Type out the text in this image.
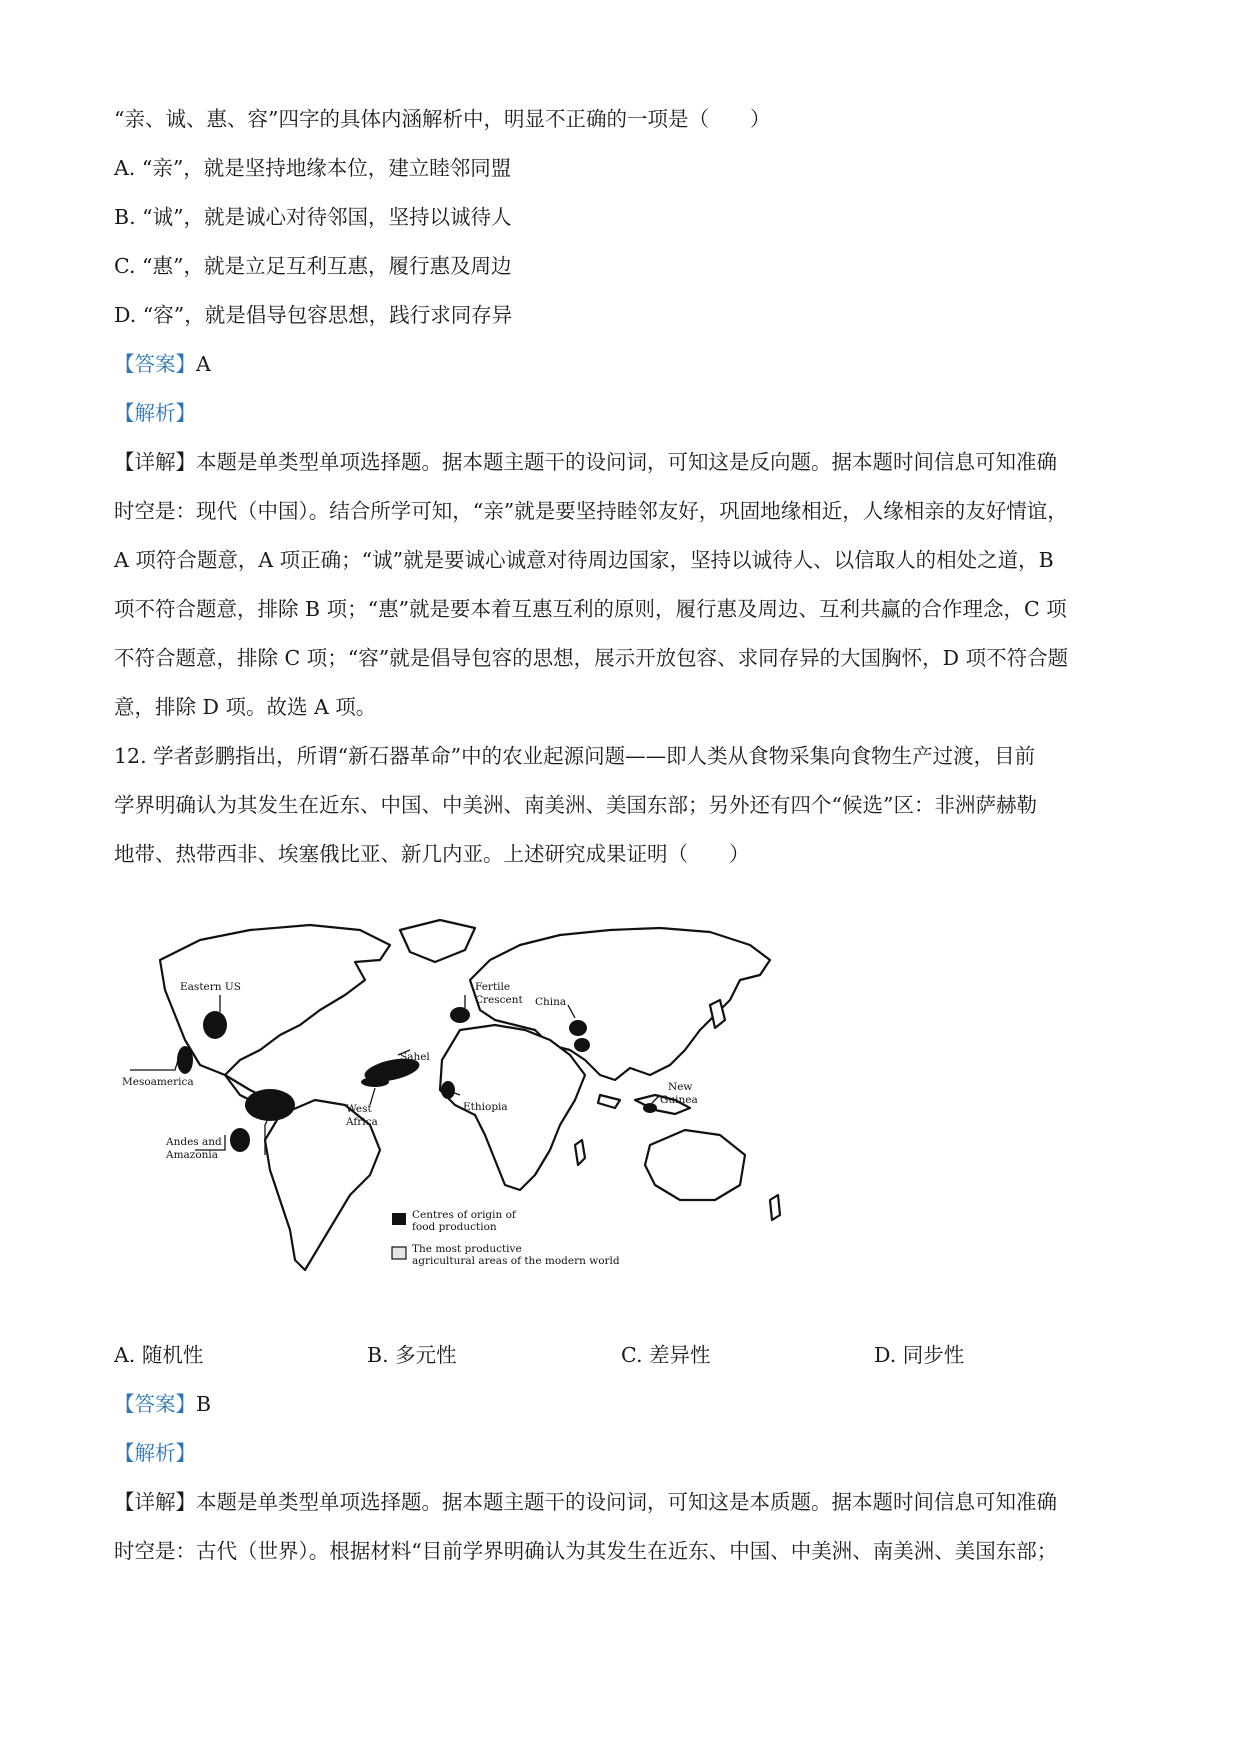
“亲、诚、惠、容”四字的具体内涵解析中，明显不正确的一项是（　　）
A. “亲”，就是坚持地缘本位，建立睦邻同盟
B. “诚”，就是诚心对待邻国，坚持以诚待人
C. “惠”，就是立足互利互惠，履行惠及周边
D. “容”，就是倡导包容思想，践行求同存异
【答案】A
【解析】
【详解】本题是单类型单项选择题。据本题主题干的设问词，可知这是反向题。据本题时间信息可知准确
时空是：现代（中国）。结合所学可知，“亲”就是要坚持睦邻友好，巩固地缘相近，人缘相亲的友好情谊，
A 项符合题意，A 项正确；“诚”就是要诚心诚意对待周边国家，坚持以诚待人、以信取人的相处之道，B
项不符合题意，排除 B 项；“惠”就是要本着互惠互利的原则，履行惠及周边、互利共赢的合作理念，C 项
不符合题意，排除 C 项；“容”就是倡导包容的思想，展示开放包容、求同存异的大国胸怀，D 项不符合题
意，排除 D 项。故选 A 项。
12. 学者彭鹏指出，所谓“新石器革命”中的农业起源问题——即人类从食物采集向食物生产过渡，目前
学界明确认为其发生在近东、中国、中美洲、南美洲、美国东部；另外还有四个“候选”区：非洲萨赫勒
地带、热带西非、埃塞俄比亚、新几内亚。上述研究成果证明（　　）
Eastern US
Mesoamerica
Andes and
Amazonia
Fertile
Crescent China
Sahel
West
Africa
Ethiopia
New
Guinea
Centres of origin of
food production
The most productive
agricultural areas of the modern world
A. 随机性	B. 多元性	C. 差异性	D. 同步性
【答案】B
【解析】
【详解】本题是单类型单项选择题。据本题主题干的设问词，可知这是本质题。据本题时间信息可知准确
时空是：古代（世界）。根据材料“目前学界明确认为其发生在近东、中国、中美洲、南美洲、美国东部；
